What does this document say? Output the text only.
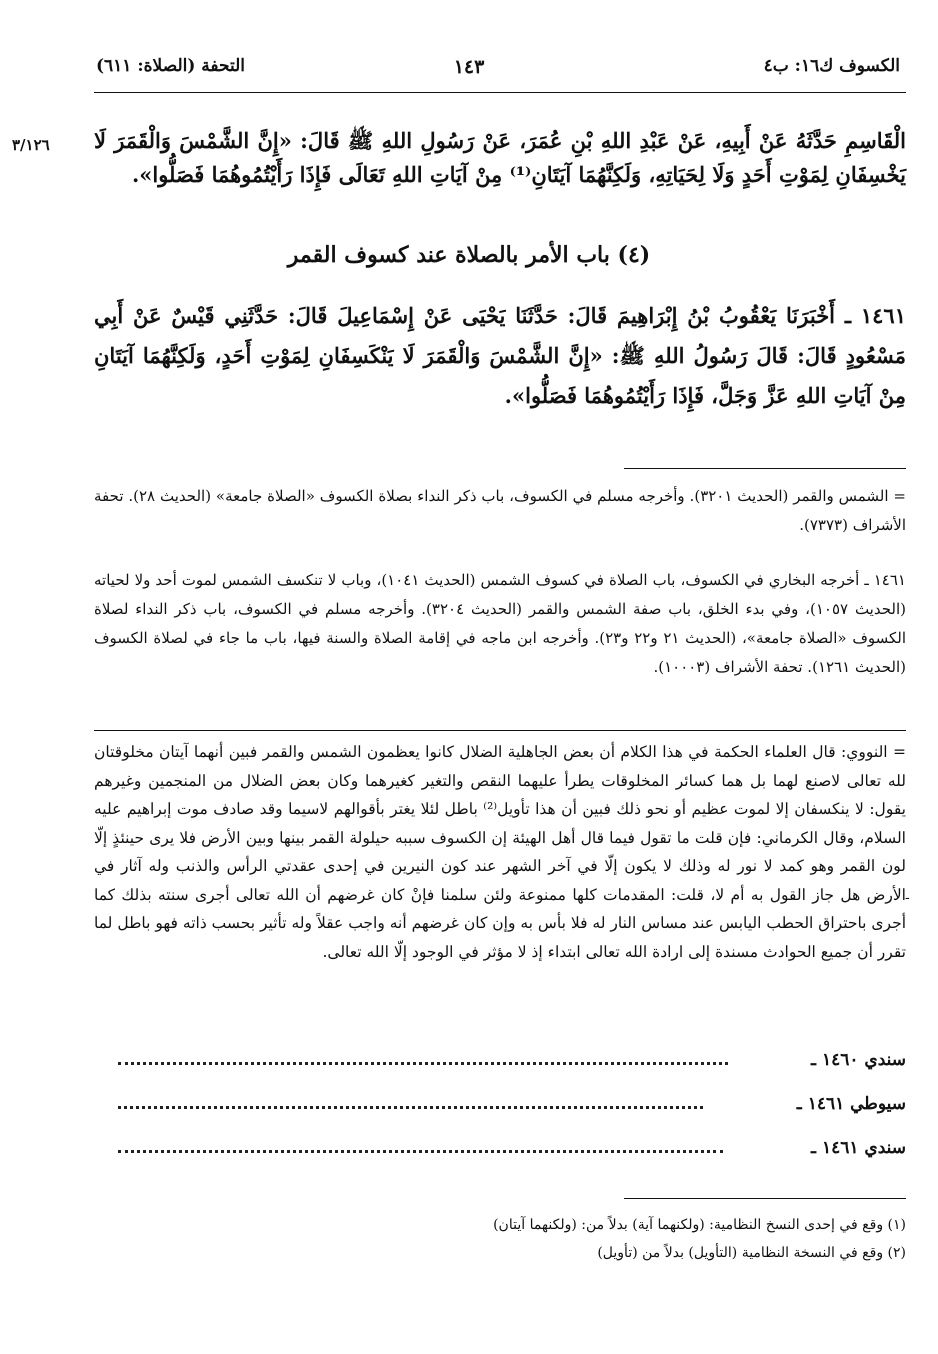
الكسوف ك١٦: ب٤
١٤٣
التحفة (الصلاة: ٦١١)
٣/١٢٦ الْقَاسِمِ حَدَّثَهُ عَنْ أَبِيهِ، عَنْ عَبْدِ اللهِ بْنِ عُمَرَ، عَنْ رَسُولِ اللهِ ﷺ قَالَ: «إِنَّ الشَّمْسَ وَالْقَمَرَ لَا يَخْسِفَانِ لِمَوْتِ أَحَدٍ وَلَا لِحَيَاتِهِ، وَلَكِنَّهُمَا آيَتَانِ⁽¹⁾ مِنْ آيَاتِ اللهِ تَعَالَى فَإِذَا رَأَيْتُمُوهُمَا فَصَلُّوا».
(٤) باب الأمر بالصلاة عند كسوف القمر
١٤٦١ ـ أَخْبَرَنَا يَعْقُوبُ بْنُ إِبْرَاهِيمَ قَالَ: حَدَّثَنَا يَحْيَى عَنْ إِسْمَاعِيلَ قَالَ: حَدَّثَنِي قَيْسٌ عَنْ أَبِي مَسْعُودٍ قَالَ: قَالَ رَسُولُ اللهِ ﷺ: «إِنَّ الشَّمْسَ وَالْقَمَرَ لَا يَنْكَسِفَانِ لِمَوْتِ أَحَدٍ، وَلَكِنَّهُمَا آيَتَانِ مِنْ آيَاتِ اللهِ عَزَّ وَجَلَّ، فَإِذَا رَأَيْتُمُوهُمَا فَصَلُّوا».
= الشمس والقمر (الحديث ٣٢٠١). وأخرجه مسلم في الكسوف، باب ذكر النداء بصلاة الكسوف «الصلاة جامعة» (الحديث ٢٨). تحفة الأشراف (٧٣٧٣).
١٤٦١ ـ أخرجه البخاري في الكسوف، باب الصلاة في كسوف الشمس (الحديث ١٠٤١)، وباب لا تنكسف الشمس لموت أحد ولا لحياته (الحديث ١٠٥٧)، وفي بدء الخلق، باب صفة الشمس والقمر (الحديث ٣٢٠٤). وأخرجه مسلم في الكسوف، باب ذكر النداء لصلاة الكسوف «الصلاة جامعة»، (الحديث ٢١ و٢٢ و٢٣). وأخرجه ابن ماجه في إقامة الصلاة والسنة فيها، باب ما جاء في لصلاة الكسوف (الحديث ١٢٦١). تحفة الأشراف (١٠٠٠٣).
= النووي: قال العلماء الحكمة في هذا الكلام أن بعض الجاهلية الضلال كانوا يعظمون الشمس والقمر فبين أنهما آيتان مخلوقتان لله تعالى لاصنع لهما بل هما كسائر المخلوقات يطرأ عليهما النقص والتغير كغيرهما وكان بعض الضلال من المنجمين وغيرهم يقول: لا ينكسفان إلا لموت عظيم أو نحو ذلك فبين أن هذا تأويل⁽²⁾ باطل لئلا يغتر بأقوالهم لاسيما وقد صادف موت إبراهيم عليه السلام، وقال الكرماني: فإن قلت ما تقول فيما قال أهل الهيئة إن الكسوف سببه حيلولة القمر بينها وبين الأرض فلا يرى حينئذٍ إلّا لون القمر وهو كمد لا نور له وذلك لا يكون إلّا في آخر الشهر عند كون النيرين في إحدى عقدتي الرأس والذنب وله آثار في الأرض هل جاز القول به أم لا، قلت: المقدمات كلها ممنوعة ولئن سلمنا فإنْ كان غرضهم أن الله تعالى أجرى سنته بذلك كما أجرى باحتراق الحطب اليابس عند مساس النار له فلا بأس به وإن كان غرضهم أنه واجب عقلاً وله تأثير بحسب ذاته فهو باطل لما تقرر أن جميع الحوادث مسندة إلى ارادة الله تعالى ابتداء إذ لا مؤثر في الوجود إلّا الله تعالى.
-
سندي ١٤٦٠ ـ
سيوطي ١٤٦١ ـ
سندي ١٤٦١ ـ
(١) وقع في إحدى النسخ النظامية: (ولكنهما آية) بدلاً من: (ولكنهما آيتان)
(٢) وقع في النسخة النظامية (التأويل) بدلاً من (تأويل)
